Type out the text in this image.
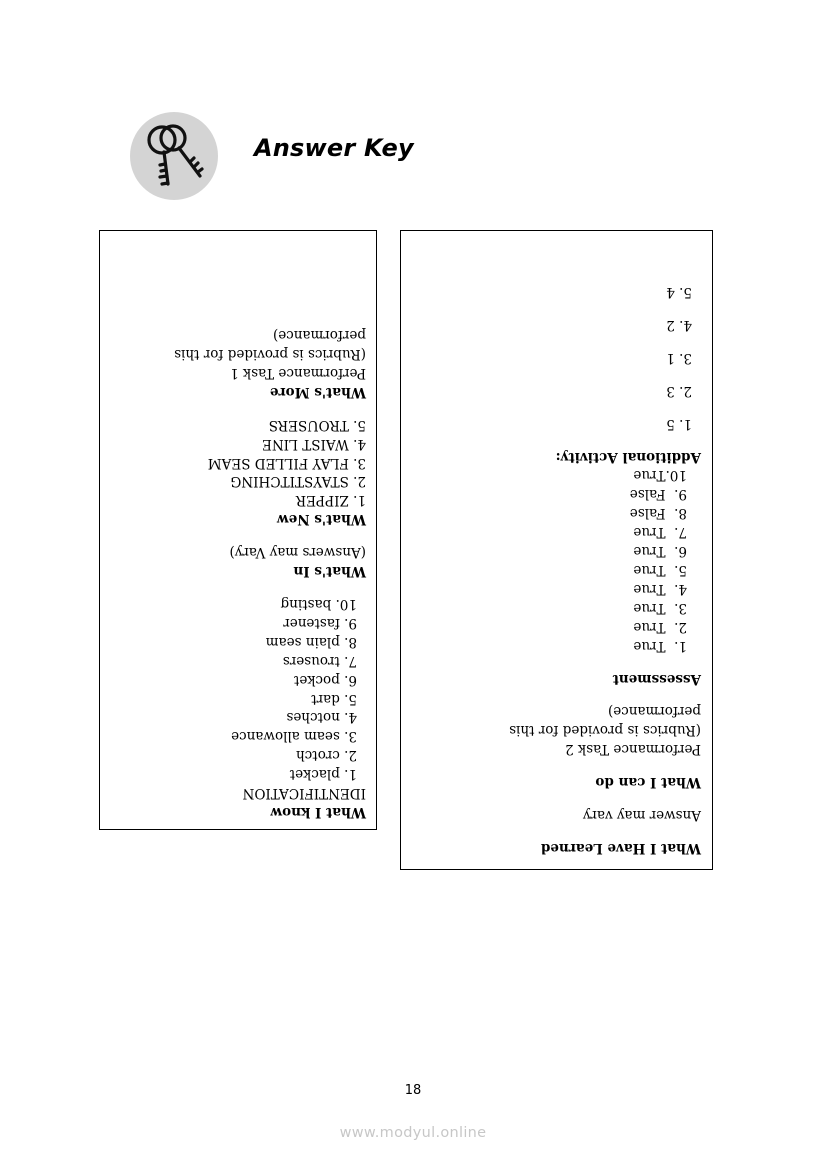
Answer Key
What I know
IDENTIFICATION
1. placket
2. crotch
3. seam allowance
4. notches
5. dart
6. pocket
7. trousers
8. plain seam
9. fastener
10. basting
What's In
(Answers may Vary)
What's New
1. ZIPPER
2. STAYSTITCHING
3. FLAY FILLED SEAM
4. WAIST LINE
5. TROUSERS
What's More
Performance Task 1
(Rubrics is provided for this
performance)
What I Have Learned
Answer may vary
What I can do
Performance Task 2
(Rubrics is provided for this
performance)
Assessment
1.  True
2.  True
3.  True
4.  True
5.  True
6.  True
7.  True
8.  False
9.  False
10.True
Additional Activity:
1. 5
2. 3
3. 1
4. 2
5. 4
18
www.modyul.online
